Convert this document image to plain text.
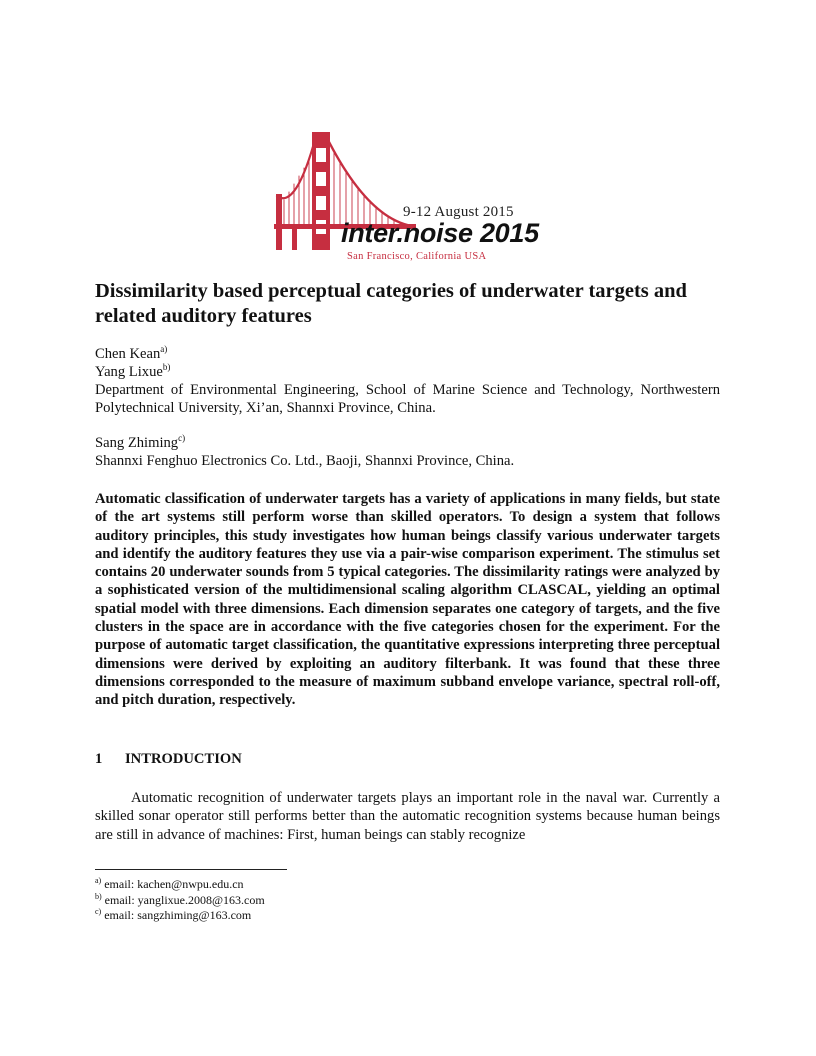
9-12 August 2015
inter.noise 2015
San Francisco, California USA
Dissimilarity based perceptual categories of underwater targets and related auditory features
Chen Kean$^{a)}$
Yang Lixue$^{b)}$
Department of Environmental Engineering, School of Marine Science and Technology, Northwestern Polytechnical University, Xi’an, Shannxi Province, China.
Sang Zhiming$^{c)}$
Shannxi Fenghuo Electronics Co. Ltd., Baoji, Shannxi Province, China.

Automatic classification of underwater targets has a variety of applications in many fields, but state of the art systems still perform worse than skilled operators. To design a system that follows auditory principles, this study investigates how human beings classify various underwater targets and identify the auditory features they use via a pair-wise comparison experiment. The stimulus set contains 20 underwater sounds from 5 typical categories. The dissimilarity ratings were analyzed by a sophisticated version of the multidimensional scaling algorithm CLASCAL, yielding an optimal spatial model with three dimensions. Each dimension separates one category of targets, and the five clusters in the space are in accordance with the five categories chosen for the experiment. For the purpose of automatic target classification, the quantitative expressions interpreting three perceptual dimensions were derived by exploiting an auditory filterbank. It was found that these three dimensions corresponded to the measure of maximum subband envelope variance, spectral roll-off, and pitch duration, respectively.

1 INTRODUCTION

Automatic recognition of underwater targets plays an important role in the naval war. Currently a skilled sonar operator still performs better than the automatic recognition systems because human beings are still in advance of machines: First, human beings can stably recognize

$^{a)}$ email: kachen@nwpu.edu.cn
$^{b)}$ email: yanglixue.2008@163.com
$^{c)}$ email: sangzhiming@163.com
